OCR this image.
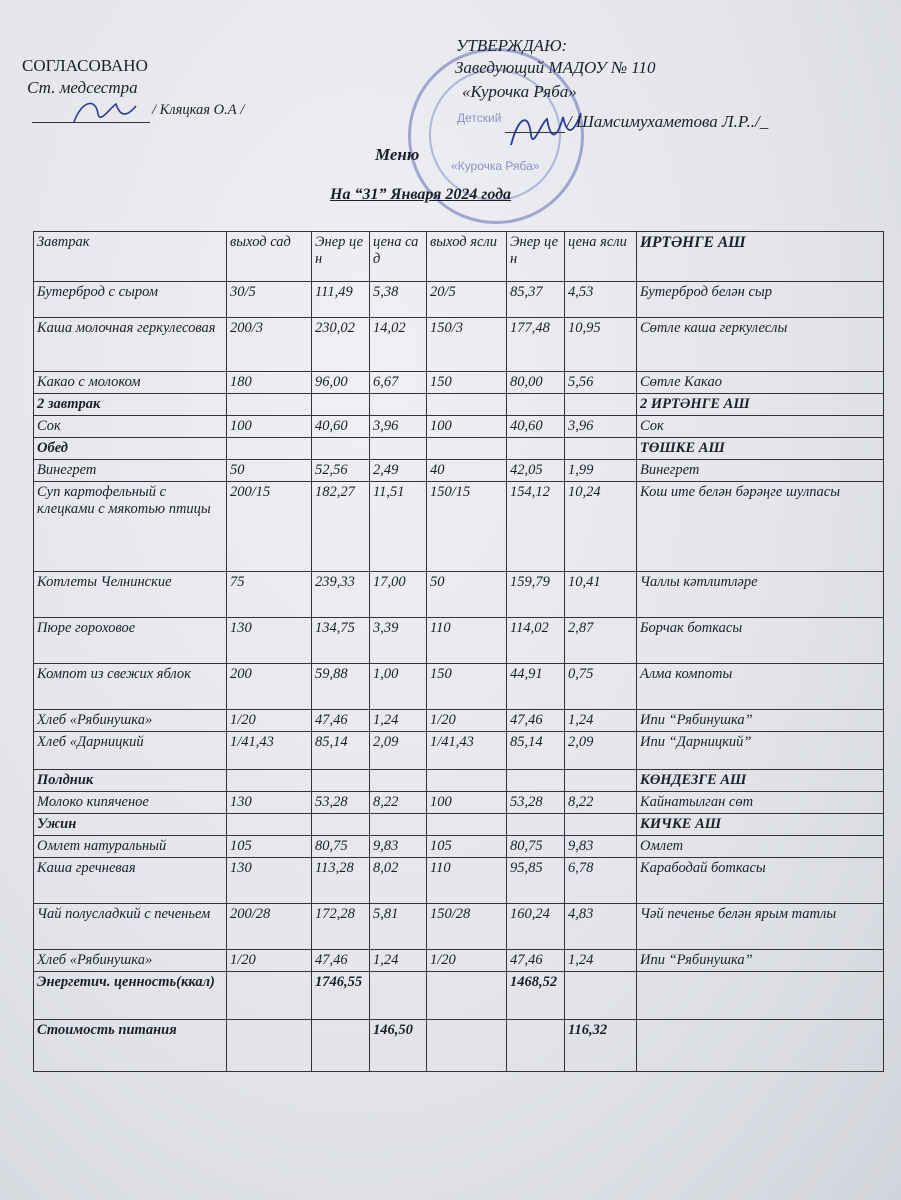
СОГЛАСОВАНО
Ст. медсестра
/ Кляцкая О.А /	Детский
«Курочка Ряба»
УТВЕРЖДАЮ:
Заведующий МАДОУ № 110
«Курочка Ряба»
/ Шамсимухаметова Л.Р../_
Меню
На “31” Января 2024 года
Завтрак	выход сад	Энер цен	цена сад	выход ясли	Энер цен	цена ясли	ИРТӘНГЕ АШ
Бутерброд с сыром	30/5	111,49	5,38	20/5	85,37	4,53	Бутерброд белән сыр
Каша молочная геркулесовая	200/3	230,02	14,02	150/3	177,48	10,95	Сөтле каша геркулеслы
Какао с молоком	180	96,00	6,67	150	80,00	5,56	Сөтле Какао
2 завтрак							2 ИРТӘНГЕ АШ
Сок	100	40,60	3,96	100	40,60	3,96	Сок
Обед							ТӨШКЕ АШ
Винегрет	50	52,56	2,49	40	42,05	1,99	Винегрет
Суп картофельный с клецками с мякотью птицы	200/15	182,27	11,51	150/15	154,12	10,24	Кош ите белән бәрәңге шулпасы
Котлеты Челнинские	75	239,33	17,00	50	159,79	10,41	Чаллы кәтлитләре
Пюре гороховое	130	134,75	3,39	110	114,02	2,87	Борчак боткасы
Компот из свежих яблок	200	59,88	1,00	150	44,91	0,75	Алма компоты
Хлеб «Рябинушка»	1/20	47,46	1,24	1/20	47,46	1,24	Ипи “Рябинушка”
Хлеб «Дарницкий	1/41,43	85,14	2,09	1/41,43	85,14	2,09	Ипи “Дарницкий”
Полдник							КӨНДЕЗГЕ АШ
Молоко кипяченое	130	53,28	8,22	100	53,28	8,22	Кайнатылган сөт
Ужин							КИЧКЕ АШ
Омлет натуральный	105	80,75	9,83	105	80,75	9,83	Омлет
Каша гречневая	130	113,28	8,02	110	95,85	6,78	Карабодай боткасы
Чай полусладкий с печеньем	200/28	172,28	5,81	150/28	160,24	4,83	Чәй печенье белән ярым татлы
Хлеб «Рябинушка»	1/20	47,46	1,24	1/20	47,46	1,24	Ипи “Рябинушка”
Энергетич. ценность(ккал)		1746,55			1468,52		
Стоимость питания			146,50			116,32	
